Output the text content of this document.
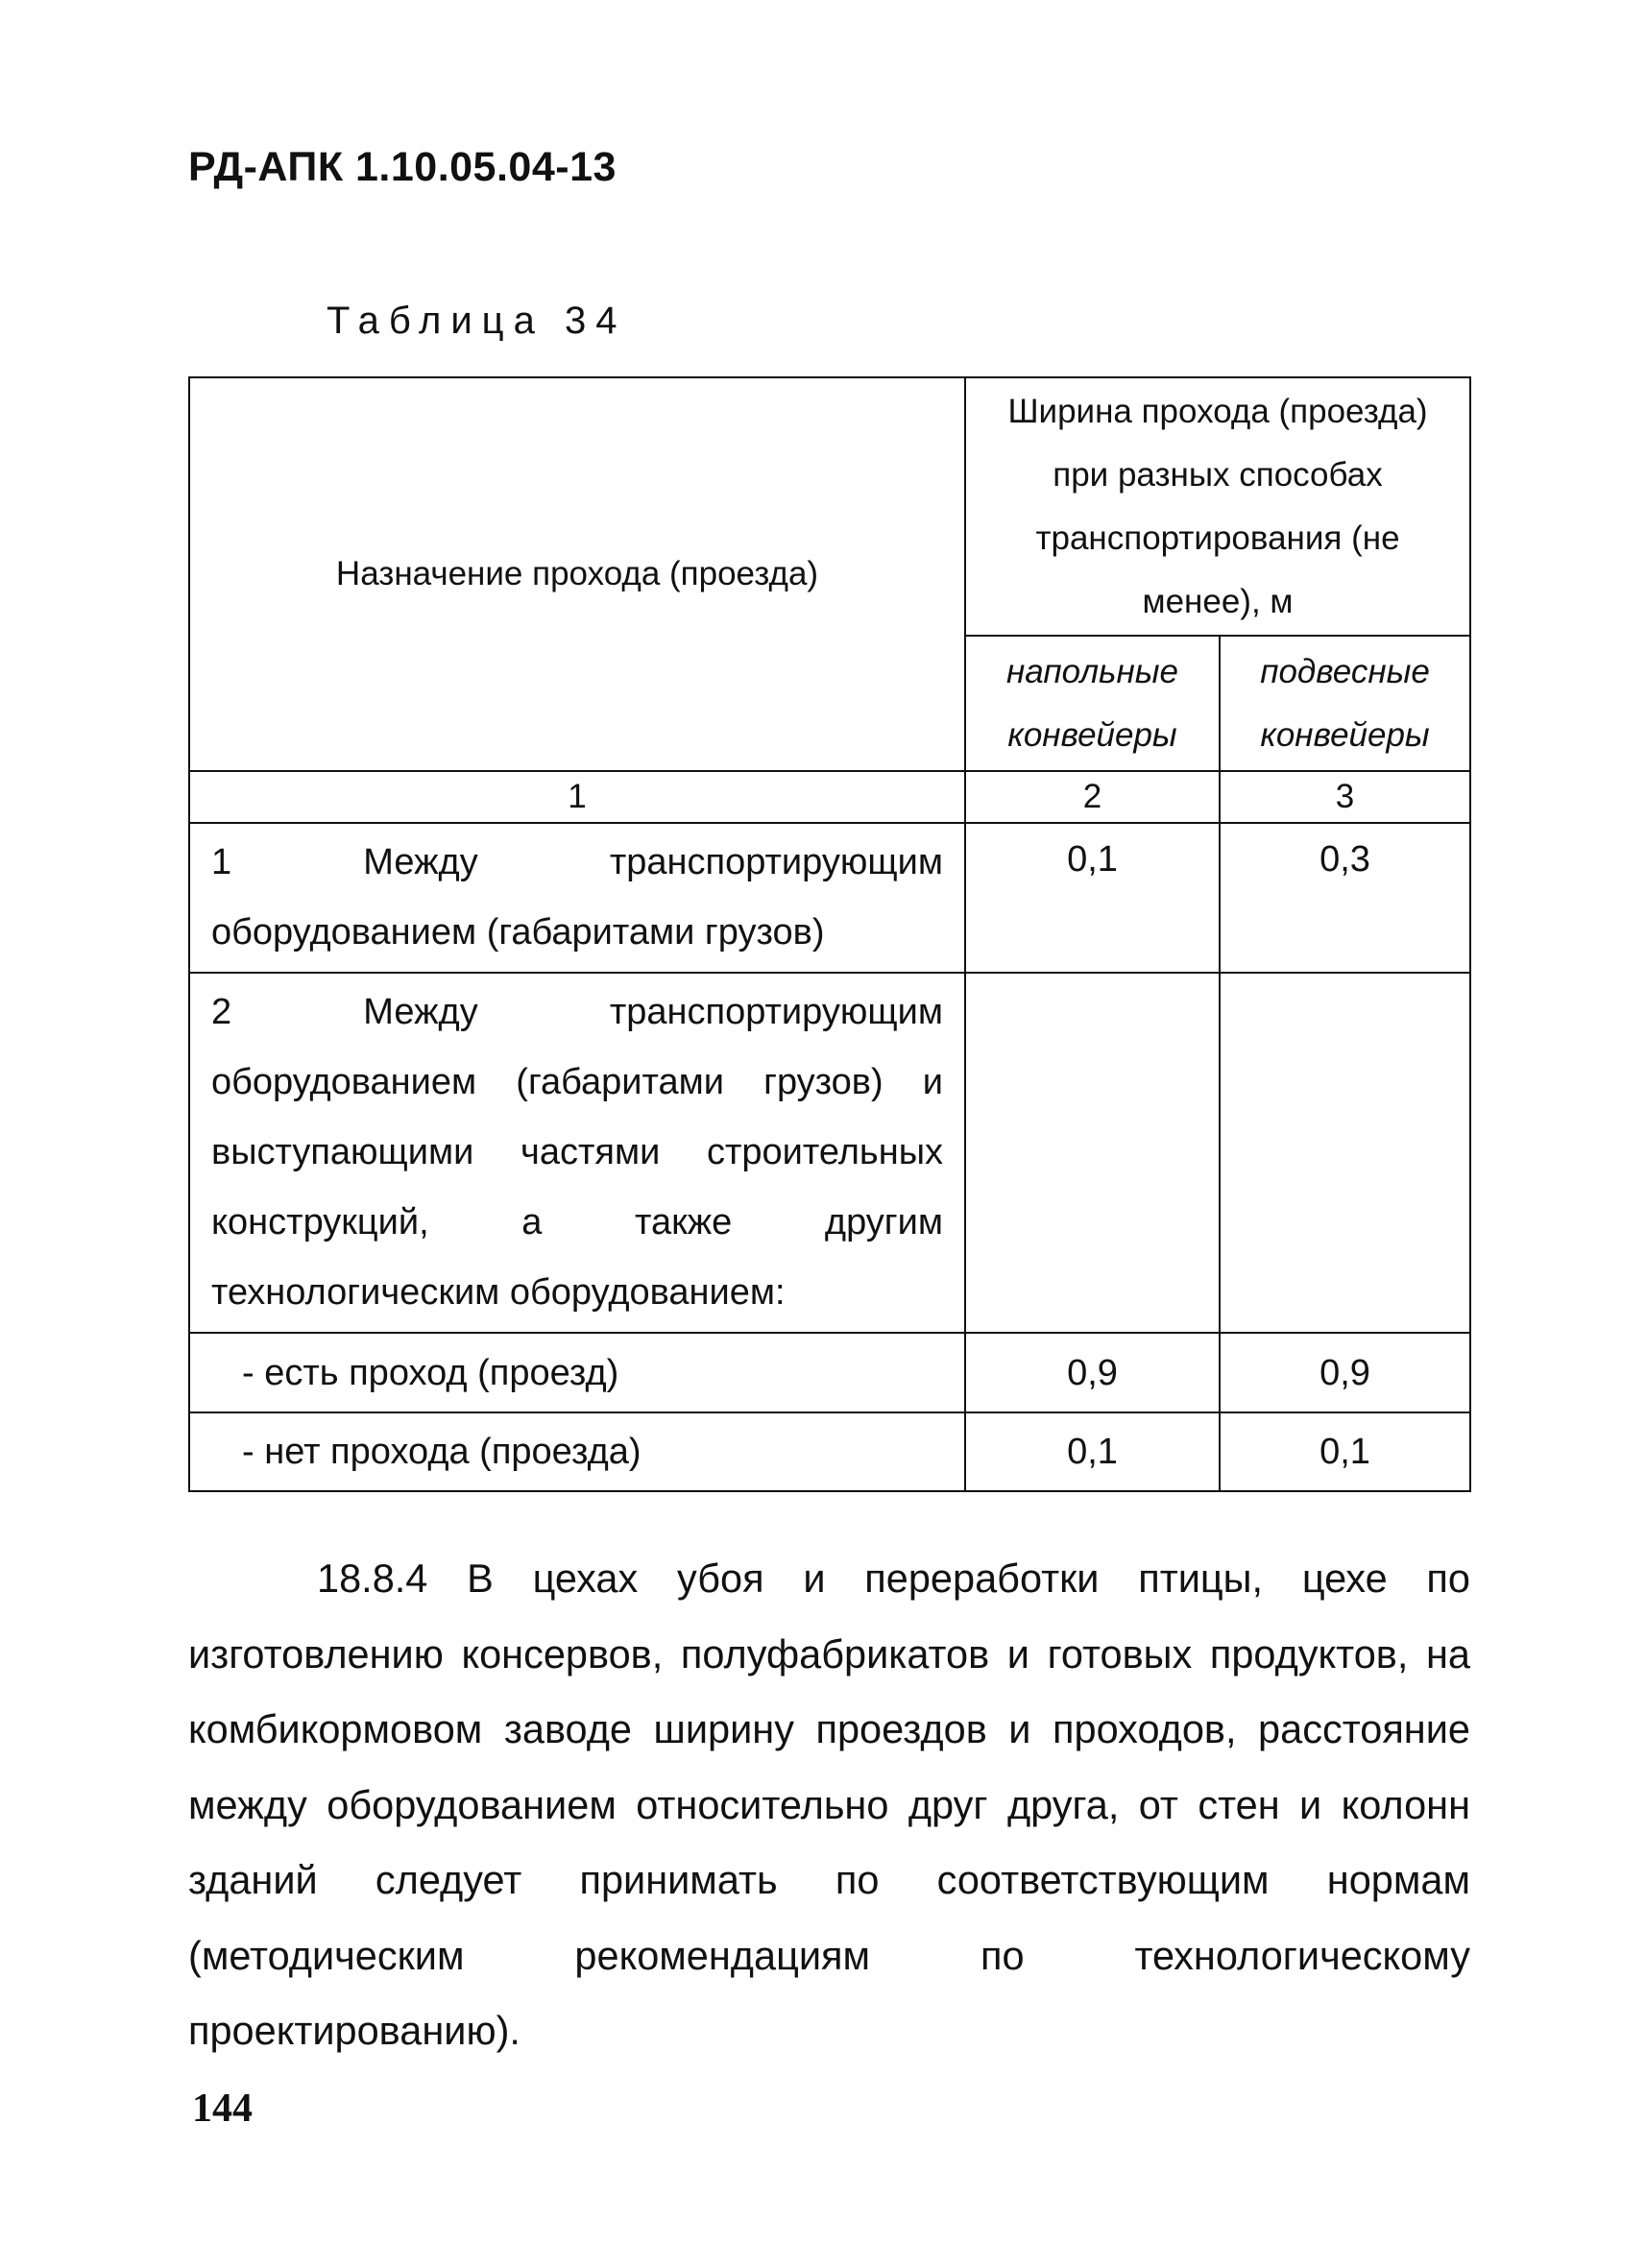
РД-АПК 1.10.05.04-13
Таблица 34
Назначение прохода (проезда)	Ширина прохода (проезда) при разных способах транспортирования (не менее), м	
	напольные конвейеры	подвесные конвейеры
1	2	3
1 Между транспортирующим оборудованием (габаритами грузов)	0,1	0,3
2 Между транспортирующим оборудованием (габаритами грузов) и выступающими частями строительных конструкций, а также другим технологическим оборудованием:		
- есть проход (проезд)	0,9	0,9
- нет прохода (проезда)	0,1	0,1
18.8.4 В цехах убоя и переработки птицы, цехе по изготовлению консервов, полуфабрикатов и готовых продуктов, на комбикормовом заводе ширину проездов и проходов, расстояние между оборудованием относительно друг друга, от стен и колонн зданий следует принимать по соответствующим нормам (методическим рекомендациям по технологическому проектированию).
144
